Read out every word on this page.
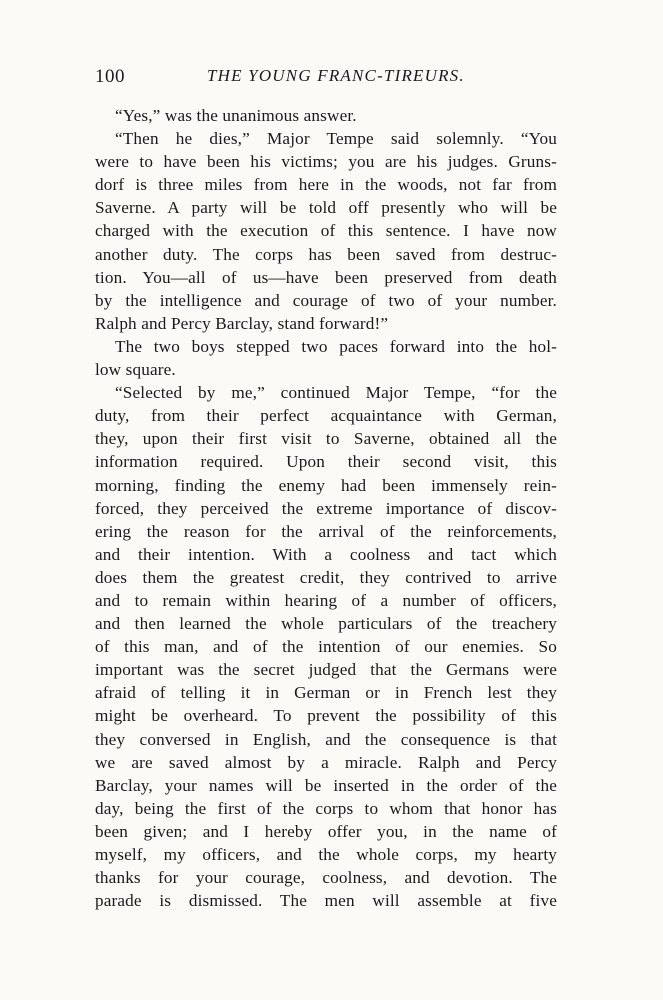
100	THE YOUNG FRANC-TIREURS.
“Yes,” was the unanimous answer.
“Then he dies,” Major Tempe said solemnly. “You
were to have been his victims; you are his judges. Gruns-
dorf is three miles from here in the woods, not far from
Saverne. A party will be told off presently who will be
charged with the execution of this sentence. I have now
another duty. The corps has been saved from destruc-
tion. You—all of us—have been preserved from death
by the intelligence and courage of two of your number.
Ralph and Percy Barclay, stand forward!”
The two boys stepped two paces forward into the hol-
low square.
“Selected by me,” continued Major Tempe, “for the
duty, from their perfect acquaintance with German,
they, upon their first visit to Saverne, obtained all the
information required. Upon their second visit, this
morning, finding the enemy had been immensely rein-
forced, they perceived the extreme importance of discov-
ering the reason for the arrival of the reinforcements,
and their intention. With a coolness and tact which
does them the greatest credit, they contrived to arrive
and to remain within hearing of a number of officers,
and then learned the whole particulars of the treachery
of this man, and of the intention of our enemies. So
important was the secret judged that the Germans were
afraid of telling it in German or in French lest they
might be overheard. To prevent the possibility of this
they conversed in English, and the consequence is that
we are saved almost by a miracle. Ralph and Percy
Barclay, your names will be inserted in the order of the
day, being the first of the corps to whom that honor has
been given; and I hereby offer you, in the name of
myself, my officers, and the whole corps, my hearty
thanks for your courage, coolness, and devotion. The
parade is dismissed. The men will assemble at five
